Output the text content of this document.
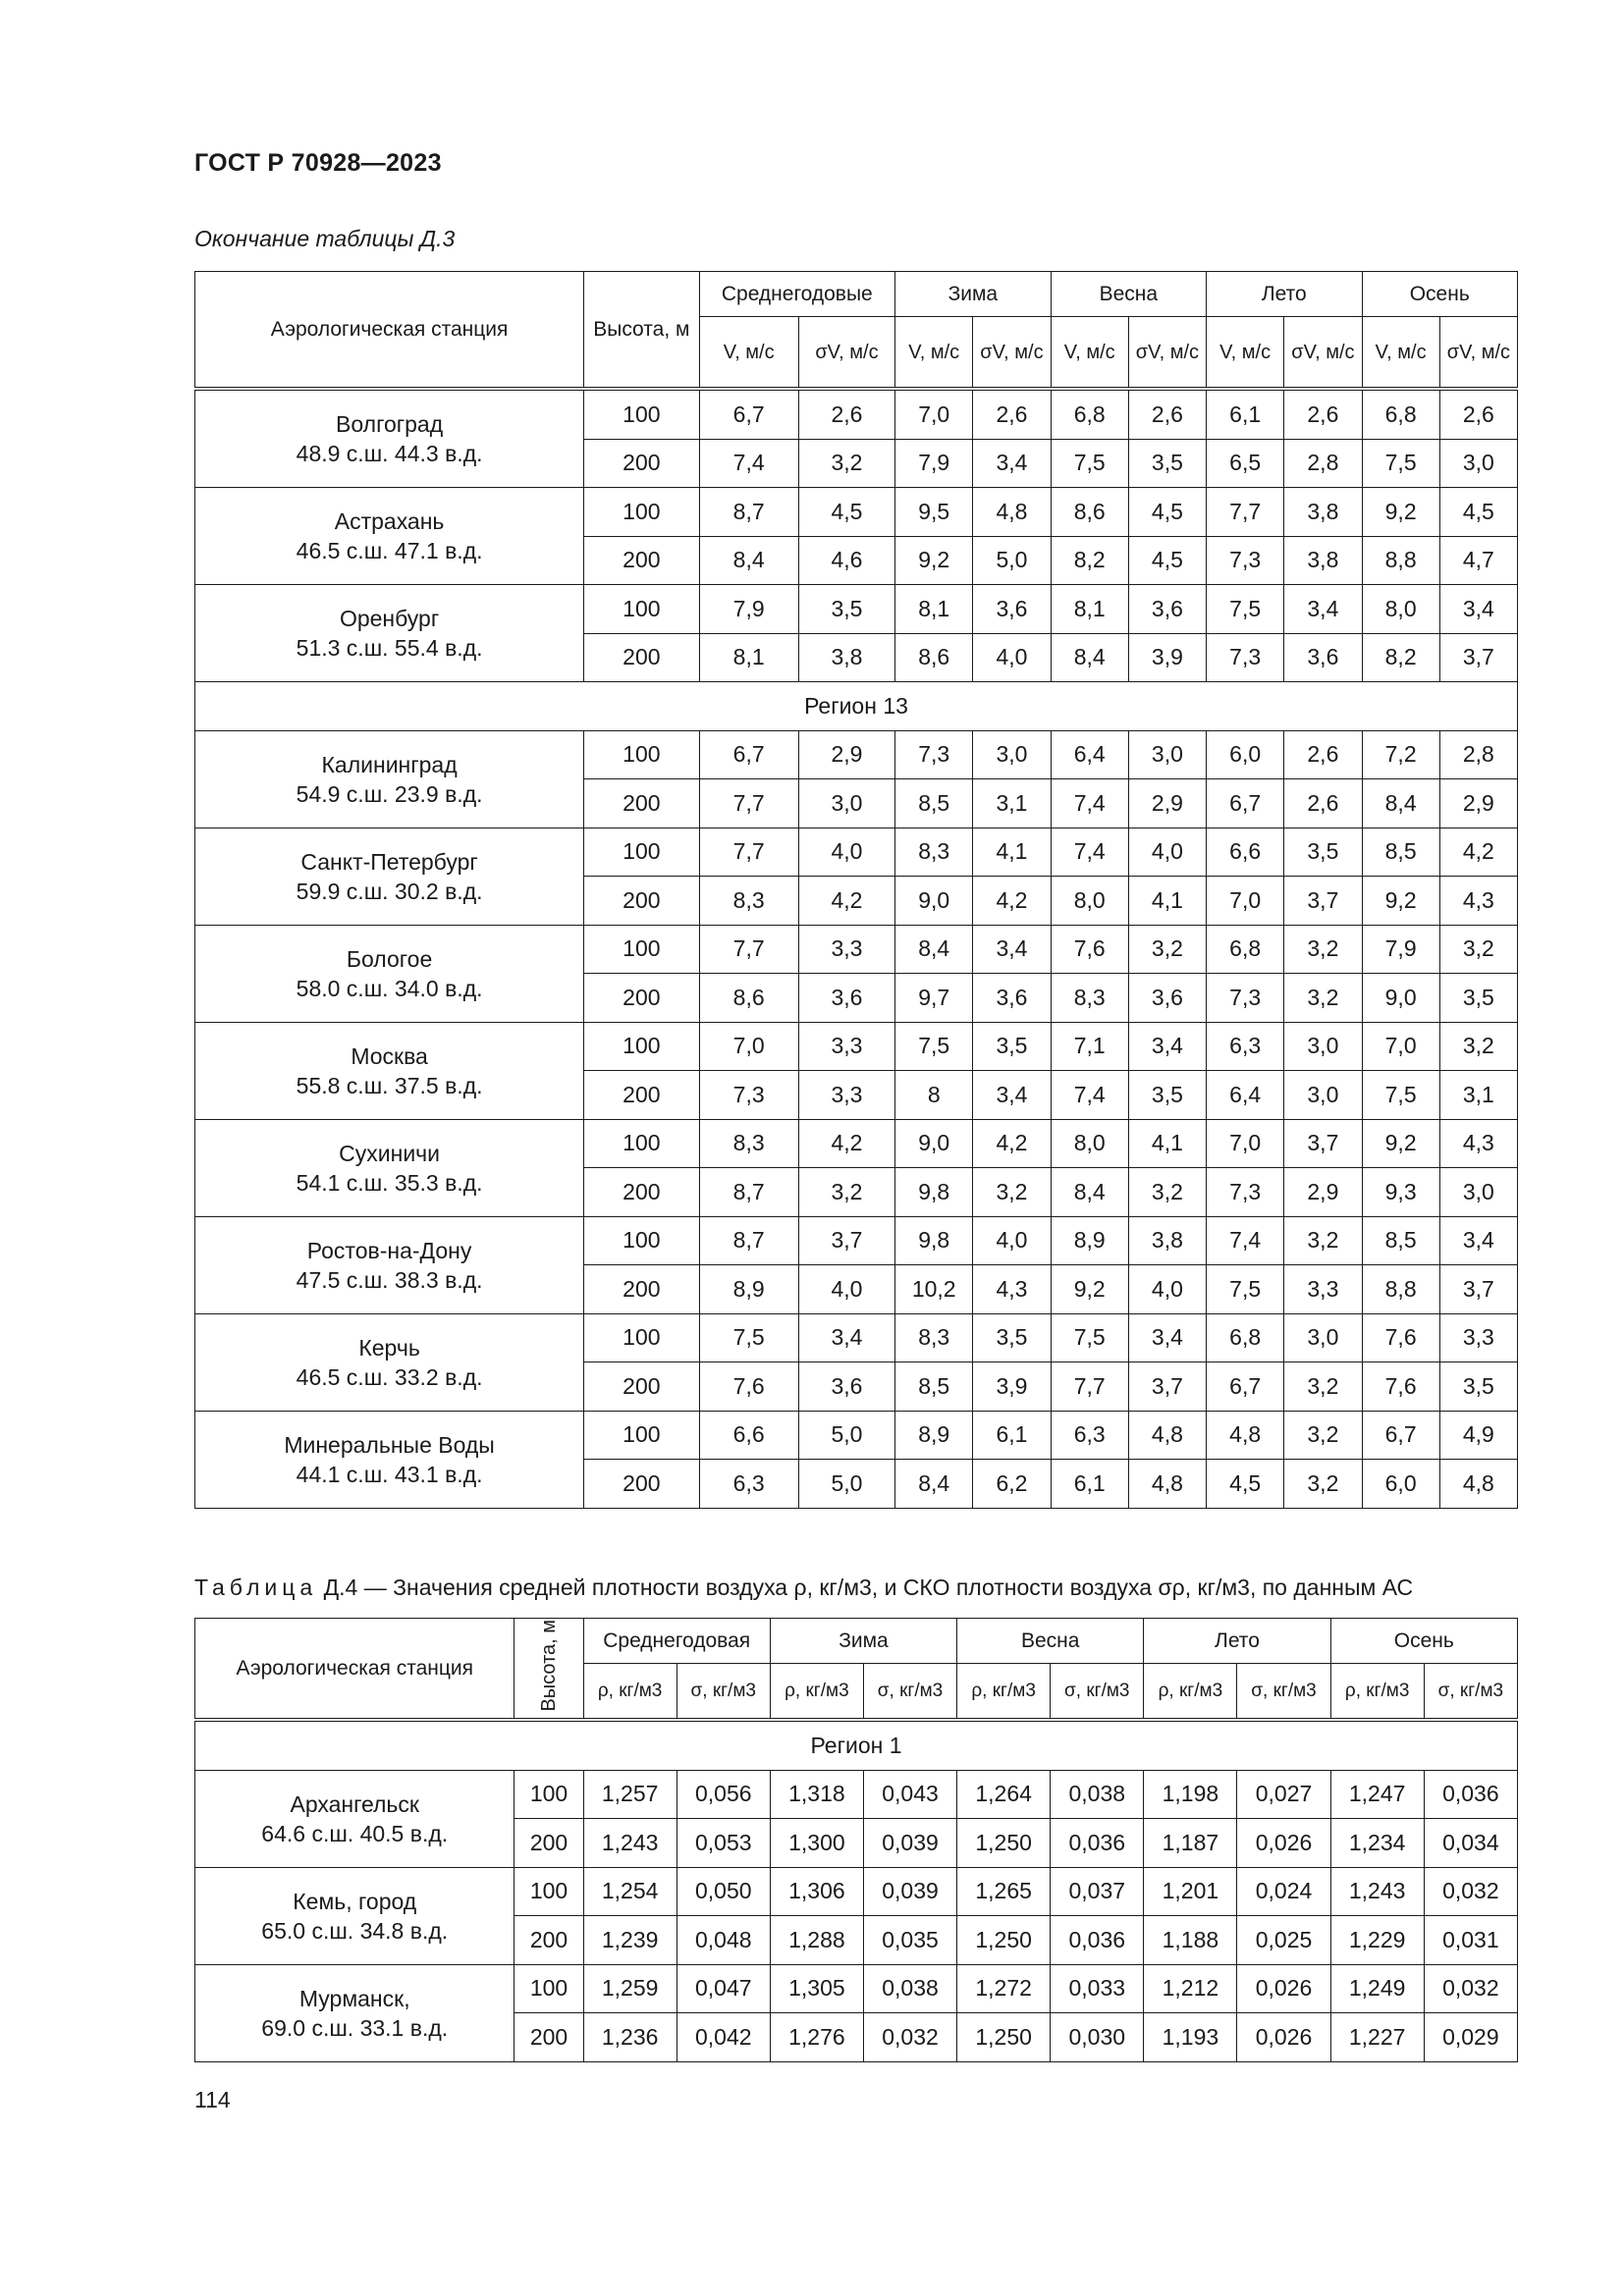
ГОСТ Р 70928—2023
Окончание таблицы Д.3
Аэрологическая станция	Высота, м	Среднегодовые		Зима		Весна		Лето		Осень	
		V, м/с	σV, м/с	V, м/с	σV, м/с	V, м/с	σV, м/с	V, м/с	σV, м/с	V, м/с	σV, м/с

Волгоград
48.9 с.ш. 44.3 в.д.	100	6,7	2,6	7,0	2,6	6,8	2,6	6,1	2,6	6,8	2,6
	200	7,4	3,2	7,9	3,4	7,5	3,5	6,5	2,8	7,5	3,0

Астрахань
46.5 с.ш. 47.1 в.д.	100	8,7	4,5	9,5	4,8	8,6	4,5	7,7	3,8	9,2	4,5
	200	8,4	4,6	9,2	5,0	8,2	4,5	7,3	3,8	8,8	4,7

Оренбург
51.3 с.ш. 55.4 в.д.	100	7,9	3,5	8,1	3,6	8,1	3,6	7,5	3,4	8,0	3,4
	200	8,1	3,8	8,6	4,0	8,4	3,9	7,3	3,6	8,2	3,7
Регион 13											

Калининград
54.9 с.ш. 23.9 в.д.	100	6,7	2,9	7,3	3,0	6,4	3,0	6,0	2,6	7,2	2,8
	200	7,7	3,0	8,5	3,1	7,4	2,9	6,7	2,6	8,4	2,9

Санкт-Петербург
59.9 с.ш. 30.2 в.д.	100	7,7	4,0	8,3	4,1	7,4	4,0	6,6	3,5	8,5	4,2
	200	8,3	4,2	9,0	4,2	8,0	4,1	7,0	3,7	9,2	4,3

Бологое
58.0 с.ш. 34.0 в.д.	100	7,7	3,3	8,4	3,4	7,6	3,2	6,8	3,2	7,9	3,2
	200	8,6	3,6	9,7	3,6	8,3	3,6	7,3	3,2	9,0	3,5

Москва
55.8 с.ш. 37.5 в.д.	100	7,0	3,3	7,5	3,5	7,1	3,4	6,3	3,0	7,0	3,2
	200	7,3	3,3	8	3,4	7,4	3,5	6,4	3,0	7,5	3,1

Сухиничи
54.1 с.ш. 35.3 в.д.	100	8,3	4,2	9,0	4,2	8,0	4,1	7,0	3,7	9,2	4,3
	200	8,7	3,2	9,8	3,2	8,4	3,2	7,3	2,9	9,3	3,0

Ростов-на-Дону
47.5 с.ш. 38.3 в.д.	100	8,7	3,7	9,8	4,0	8,9	3,8	7,4	3,2	8,5	3,4
	200	8,9	4,0	10,2	4,3	9,2	4,0	7,5	3,3	8,8	3,7

Керчь
46.5 с.ш. 33.2 в.д.	100	7,5	3,4	8,3	3,5	7,5	3,4	6,8	3,0	7,6	3,3
	200	7,6	3,6	8,5	3,9	7,7	3,7	6,7	3,2	7,6	3,5

Минеральные Воды
44.1 с.ш. 43.1 в.д.	100	6,6	5,0	8,9	6,1	6,3	4,8	4,8	3,2	6,7	4,9
	200	6,3	5,0	8,4	6,2	6,1	4,8	4,5	3,2	6,0	4,8
Таблица Д.4 — Значения средней плотности воздуха ρ, кг/м3, и СКО плотности воздуха σρ, кг/м3, по данным АС
Аэрологическая станция	Высота, м	Среднегодовая		Зима		Весна		Лето		Осень	
		ρ, кг/м3	σ, кг/м3	ρ, кг/м3	σ, кг/м3	ρ, кг/м3	σ, кг/м3	ρ, кг/м3	σ, кг/м3	ρ, кг/м3	σ, кг/м3
Регион 1											

Архангельск
64.6 с.ш. 40.5 в.д.	100	1,257	0,056	1,318	0,043	1,264	0,038	1,198	0,027	1,247	0,036
	200	1,243	0,053	1,300	0,039	1,250	0,036	1,187	0,026	1,234	0,034

Кемь, город
65.0 с.ш. 34.8 в.д.	100	1,254	0,050	1,306	0,039	1,265	0,037	1,201	0,024	1,243	0,032
	200	1,239	0,048	1,288	0,035	1,250	0,036	1,188	0,025	1,229	0,031

Мурманск,
69.0 с.ш. 33.1 в.д.	100	1,259	0,047	1,305	0,038	1,272	0,033	1,212	0,026	1,249	0,032
	200	1,236	0,042	1,276	0,032	1,250	0,030	1,193	0,026	1,227	0,029
114
